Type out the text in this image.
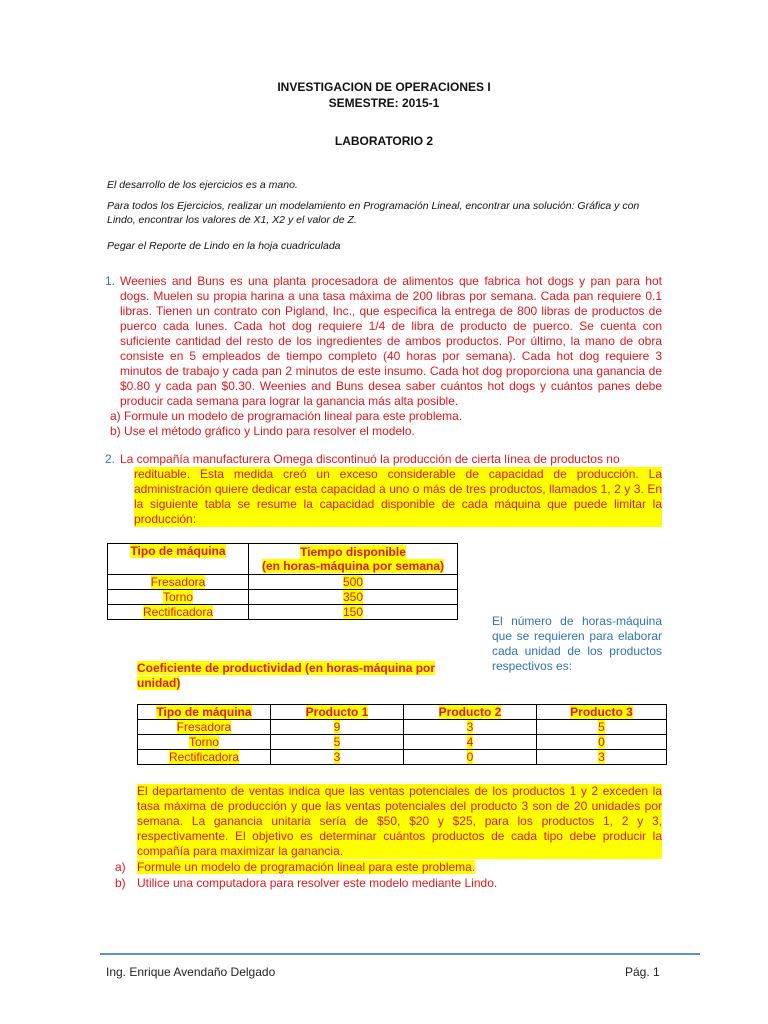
INVESTIGACION DE OPERACIONES I
SEMESTRE: 2015-1
LABORATORIO 2
El desarrollo de los ejercicios es a mano.
Para todos los Ejercicios, realizar un modelamiento en Programación Lineal, encontrar una solución: Gráfica y con Lindo, encontrar los valores de X1, X2 y el valor de Z.
Pegar el Reporte de Lindo en la hoja cuadriculada
1. Weenies and Buns es una planta procesadora de alimentos que fabrica hot dogs y pan para hot dogs. Muelen su propia harina a una tasa máxima de 200 libras por semana. Cada pan requiere 0.1 libras. Tienen un contrato con Pigland, Inc., que especifica la entrega de 800 libras de productos de puerco cada lunes. Cada hot dog requiere 1/4 de libra de producto de puerco. Se cuenta con suficiente cantidad del resto de los ingredientes de ambos productos. Por último, la mano de obra consiste en 5 empleados de tiempo completo (40 horas por semana). Cada hot dog requiere 3 minutos de trabajo y cada pan 2 minutos de este insumo. Cada hot dog proporciona una ganancia de $0.80 y cada pan $0.30. Weenies and Buns desea saber cuántos hot dogs y cuántos panes debe producir cada semana para lograr la ganancia más alta posible.
a) Formule un modelo de programación lineal para este problema.
b) Use el método gráfico y Lindo para resolver el modelo.
2. La compañía manufacturera Omega discontinuó la producción de cierta línea de productos no
redituable. Esta medida creó un exceso considerable de capacidad de producción. La administración quiere dedicar esta capacidad a uno o más de tres productos, llamados 1, 2 y 3. En la siguiente tabla se resume la capacidad disponible de cada máquina que puede limitar la producción:
Tipo de máquina	Tiempo disponible
(en horas-máquina por semana)
Fresadora	500
Torno	350
Rectificadora	150
El número de horas-máquina que se requieren para elaborar cada unidad de los productos respectivos es:
Coeficiente de productividad (en horas-máquina por unidad)
Tipo de máquina	Producto 1	Producto 2	Producto 3
Fresadora	9	3	5
Torno	5	4	0
Rectificadora	3	0	3
El departamento de ventas indica que las ventas potenciales de los productos 1 y 2 exceden la tasa máxima de producción y que las ventas potenciales del producto 3 son de 20 unidades por semana. La ganancia unitaria sería de $50, $20 y $25, para los productos 1, 2 y 3, respectivamente. El objetivo es determinar cuántos productos de cada tipo debe producir la compañía para maximizar la ganancia.
a) Formule un modelo de programación lineal para este problema.
b) Utilice una computadora para resolver este modelo mediante Lindo.
Ing. Enrique Avendaño Delgado	Pág. 1
